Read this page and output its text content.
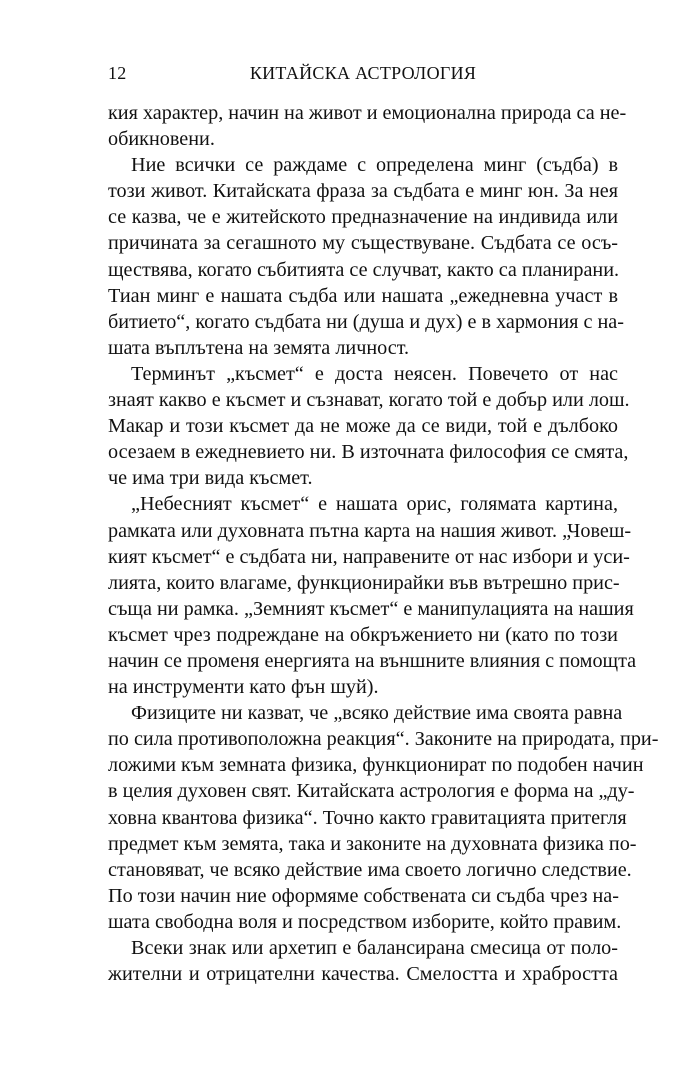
12	КИТАЙСКА АСТРОЛОГИЯ
кия характер, начин на живот и емоционална природа са не-
обикновени.
Ние всички се раждаме с определена минг (съдба) в
този живот. Китайската фраза за съдбата е минг юн. За нея
се казва, че е житейското предназначение на индивида или
причината за сегашното му съществуване. Съдбата се осъ-
ществява, когато събитията се случват, както са планирани.
Тиан минг е нашата съдба или нашата „ежедневна участ в
битието“, когато съдбата ни (душа и дух) е в хармония с на-
шата въплътена на земята личност.
Терминът „късмет“ е доста неясен. Повечето от нас
знаят какво е късмет и съзнават, когато той е добър или лош.
Макар и този късмет да не може да се види, той е дълбоко
осезаем в ежедневието ни. В източната философия се смята,
че има три вида късмет.
„Небесният късмет“ е нашата орис, голямата картина,
рамката или духовната пътна карта на нашия живот. „Човеш-
кият късмет“ е съдбата ни, направените от нас избори и уси-
лията, които влагаме, функционирайки във вътрешно прис-
съща ни рамка. „Земният късмет“ е манипулацията на нашия
късмет чрез подреждане на обкръжението ни (като по този
начин се променя енергията на външните влияния с помощта
на инструменти като фън шуй).
Физиците ни казват, че „всяко действие има своята равна
по сила противоположна реакция“. Законите на природата, при-
ложими към земната физика, функционират по подобен начин
в целия духовен свят. Китайската астрология е форма на „ду-
ховна квантова физика“. Точно както гравитацията притегля
предмет към земята, така и законите на духовната физика по-
становяват, че всяко действие има своето логично следствие.
По този начин ние оформяме собствената си съдба чрез на-
шата свободна воля и посредством изборите, който правим.
Всеки знак или архетип е балансирана смесица от поло-
жителни и отрицателни качества. Смелостта и храбростта
